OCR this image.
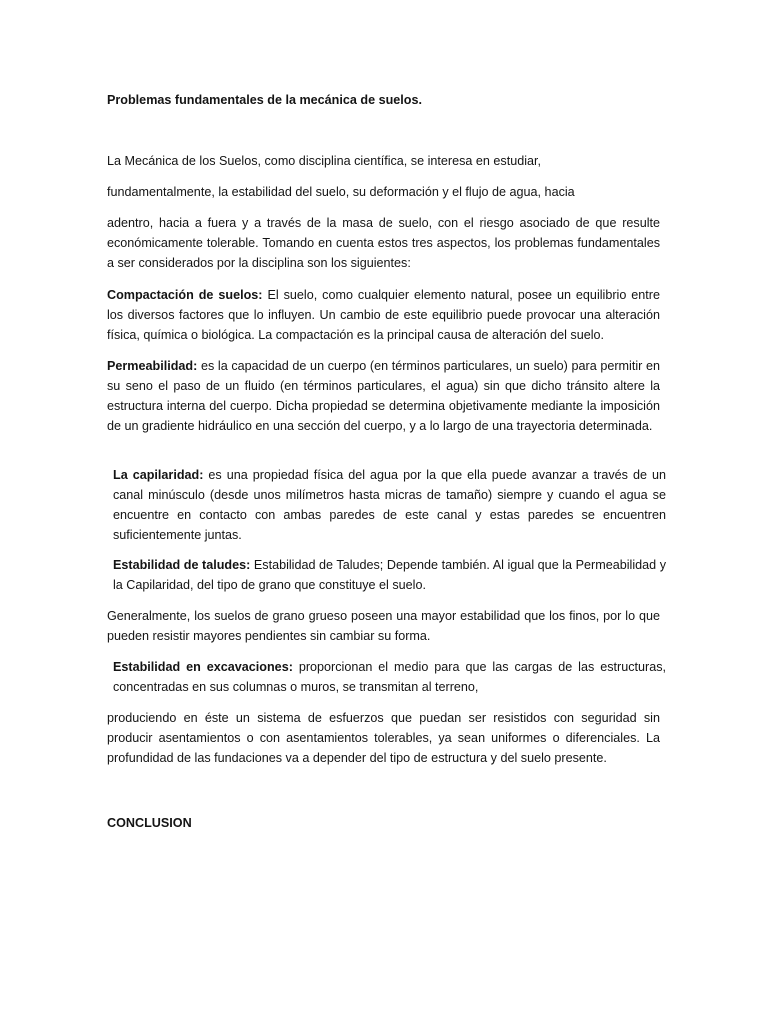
Problemas fundamentales de la mecánica de suelos.

La Mecánica de los Suelos, como disciplina científica, se interesa en estudiar,

fundamentalmente, la estabilidad del suelo, su deformación y el flujo de agua, hacia

adentro, hacia a fuera y a través de la masa de suelo, con el riesgo asociado de que resulte económicamente tolerable. Tomando en cuenta estos tres aspectos, los problemas fundamentales a ser considerados por la disciplina son los siguientes:

Compactación de suelos: El suelo, como cualquier elemento natural, posee un equilibrio entre los diversos factores que lo influyen. Un cambio de este equilibrio puede provocar una alteración física, química o biológica. La compactación es la principal causa de alteración del suelo.

Permeabilidad: es la capacidad de un cuerpo (en términos particulares, un suelo) para permitir en su seno el paso de un fluido (en términos particulares, el agua) sin que dicho tránsito altere la estructura interna del cuerpo. Dicha propiedad se determina objetivamente mediante la imposición de un gradiente hidráulico en una sección del cuerpo, y a lo largo de una trayectoria determinada.

La capilaridad: es una propiedad física del agua por la que ella puede avanzar a través de un canal minúsculo (desde unos milímetros hasta micras de tamaño) siempre y cuando el agua se encuentre en contacto con ambas paredes de este canal y estas paredes se encuentren suficientemente juntas.

Estabilidad de taludes: Estabilidad de Taludes; Depende también. Al igual que la Permeabilidad y la Capilaridad, del tipo de grano que constituye el suelo.

Generalmente, los suelos de grano grueso poseen una mayor estabilidad que los finos, por lo que pueden resistir mayores pendientes sin cambiar su forma.

Estabilidad en excavaciones: proporcionan el medio para que las cargas de las estructuras, concentradas en sus columnas o muros, se transmitan al terreno,

produciendo en éste un sistema de esfuerzos que puedan ser resistidos con seguridad sin producir asentamientos o con asentamientos tolerables, ya sean uniformes o diferenciales. La profundidad de las fundaciones va a depender del tipo de estructura y del suelo presente.

CONCLUSION
